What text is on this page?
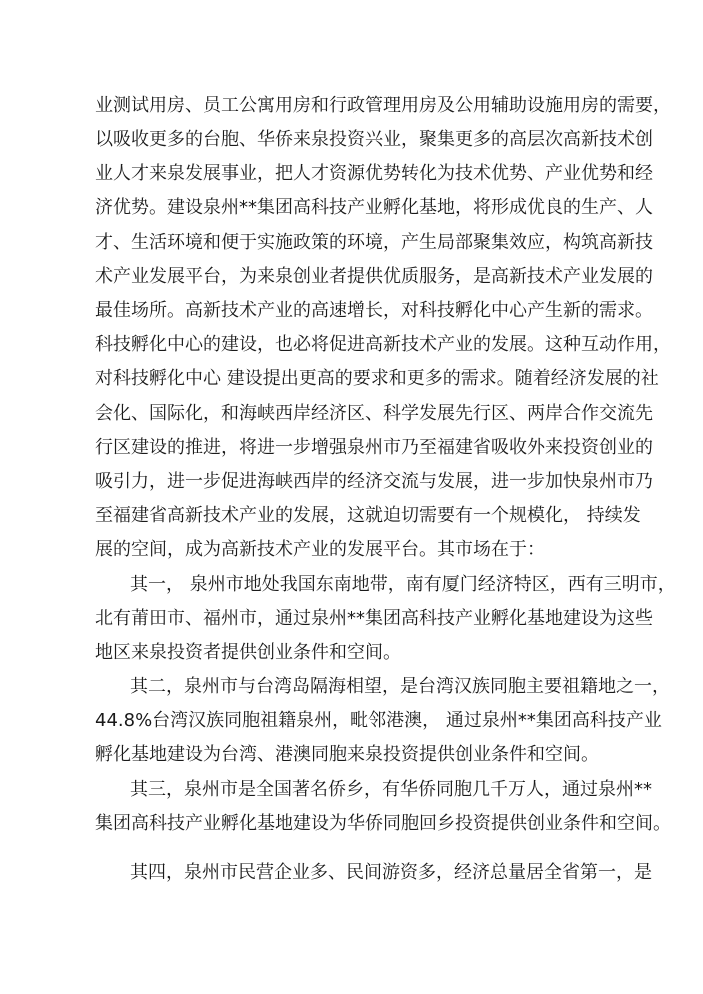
业测试用房、员工公寓用房和行政管理用房及公用辅助设施用房的需要，
以吸收更多的台胞、华侨来泉投资兴业，聚集更多的高层次高新技术创
业人才来泉发展事业，把人才资源优势转化为技术优势、产业优势和经
济优势。建设泉州**集团高科技产业孵化基地，将形成优良的生产、人
才、生活环境和便于实施政策的环境，产生局部聚集效应，构筑高新技
术产业发展平台，为来泉创业者提供优质服务，是高新技术产业发展的
最佳场所。高新技术产业的高速增长，对科技孵化中心产生新的需求。
科技孵化中心的建设，也必将促进高新技术产业的发展。这种互动作用，
对科技孵化中心 建设提出更高的要求和更多的需求。随着经济发展的社
会化、国际化，和海峡西岸经济区、科学发展先行区、两岸合作交流先
行区建设的推进，将进一步增强泉州市乃至福建省吸收外来投资创业的
吸引力，进一步促进海峡西岸的经济交流与发展，进一步加快泉州市乃
至福建省高新技术产业的发展，这就迫切需要有一个规模化， 持续发
展的空间，成为高新技术产业的发展平台。其市场在于：
其一， 泉州市地处我国东南地带，南有厦门经济特区，西有三明市，
北有莆田市、福州市，通过泉州**集团高科技产业孵化基地建设为这些
地区来泉投资者提供创业条件和空间。
其二，泉州市与台湾岛隔海相望，是台湾汉族同胞主要祖籍地之一，
44.8%台湾汉族同胞祖籍泉州，毗邻港澳， 通过泉州**集团高科技产业
孵化基地建设为台湾、港澳同胞来泉投资提供创业条件和空间。
其三，泉州市是全国著名侨乡，有华侨同胞几千万人，通过泉州**
集团高科技产业孵化基地建设为华侨同胞回乡投资提供创业条件和空间。
其四，泉州市民营企业多、民间游资多，经济总量居全省第一，是
